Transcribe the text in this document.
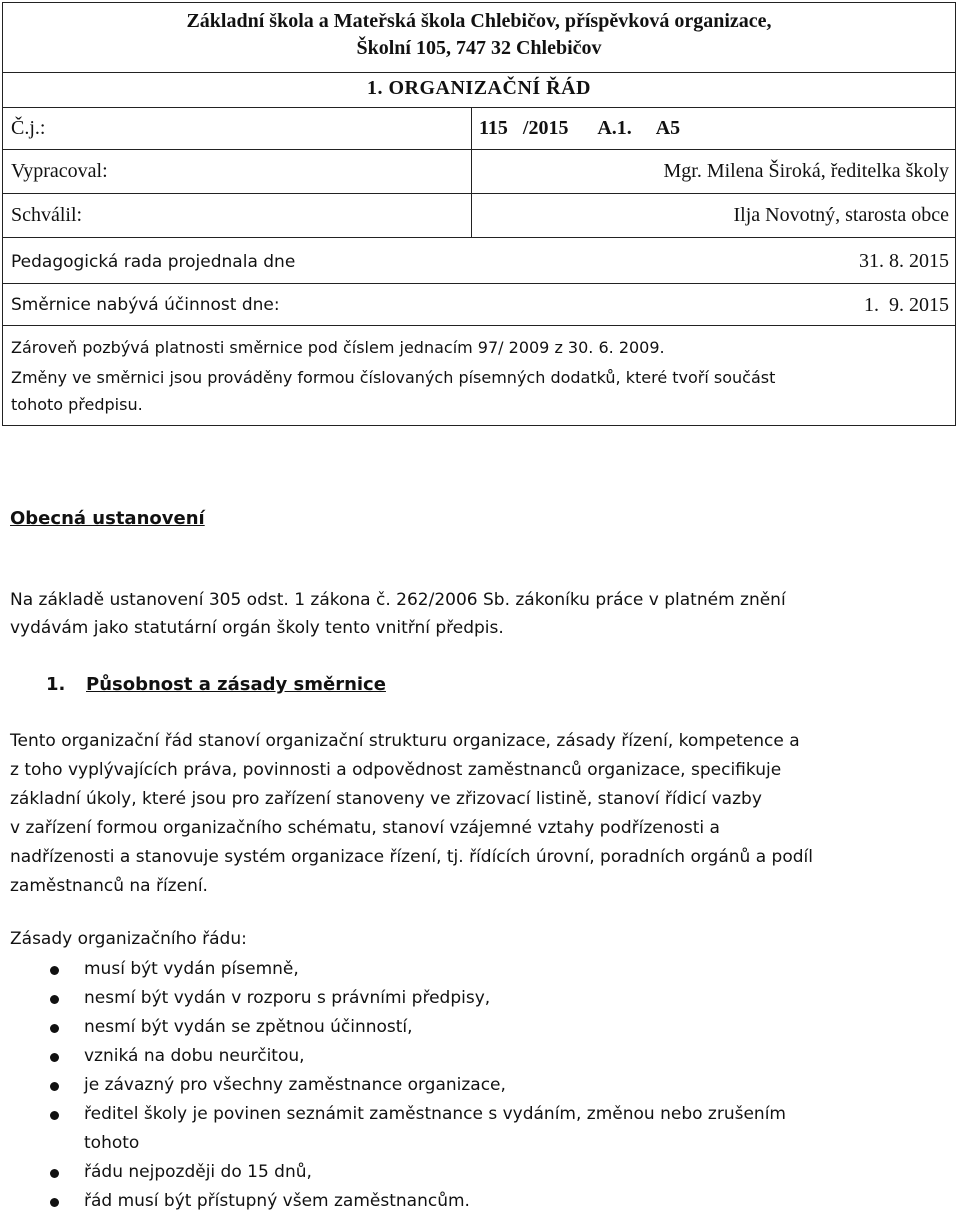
Základní škola a Mateřská škola Chlebičov, příspěvková organizace,
Školní 105, 747 32 Chlebičov
1. ORGANIZAČNÍ ŘÁD
Č.j.:	115   /2015      A.1.     A5
Vypracoval:	Mgr. Milena Široká, ředitelka školy
Schválil:	Ilja Novotný, starosta obce
Pedagogická rada projednala dne	31. 8. 2015
Směrnice nabývá účinnost dne:	1.  9. 2015
Zároveň pozbývá platnosti směrnice pod číslem jednacím 97/ 2009 z 30. 6. 2009.
Změny ve směrnici jsou prováděny formou číslovaných písemných dodatků, které tvoří součást
tohoto předpisu.
Obecná ustanovení
Na základě ustanovení 305 odst. 1 zákona č. 262/2006 Sb. zákoníku práce v platném znění
vydávám jako statutární orgán školy tento vnitřní předpis.
1. Působnost a zásady směrnice
Tento organizační řád stanoví organizační strukturu organizace, zásady řízení, kompetence a
z toho vyplývajících práva, povinnosti a odpovědnost zaměstnanců organizace, specifikuje
základní úkoly, které jsou pro zařízení stanoveny ve zřizovací listině, stanoví řídicí vazby
v zařízení formou organizačního schématu, stanoví vzájemné vztahy podřízenosti a
nadřízenosti a stanovuje systém organizace řízení, tj. řídících úrovní, poradních orgánů a podíl
zaměstnanců na řízení.
Zásady organizačního řádu:
musí být vydán písemně,
nesmí být vydán v rozporu s právními předpisy,
nesmí být vydán se zpětnou účinností,
vzniká na dobu neurčitou,
je závazný pro všechny zaměstnance organizace,
ředitel školy je povinen seznámit zaměstnance s vydáním, změnou nebo zrušením
tohoto
řádu nejpozději do 15 dnů,
řád musí být přístupný všem zaměstnancům.
